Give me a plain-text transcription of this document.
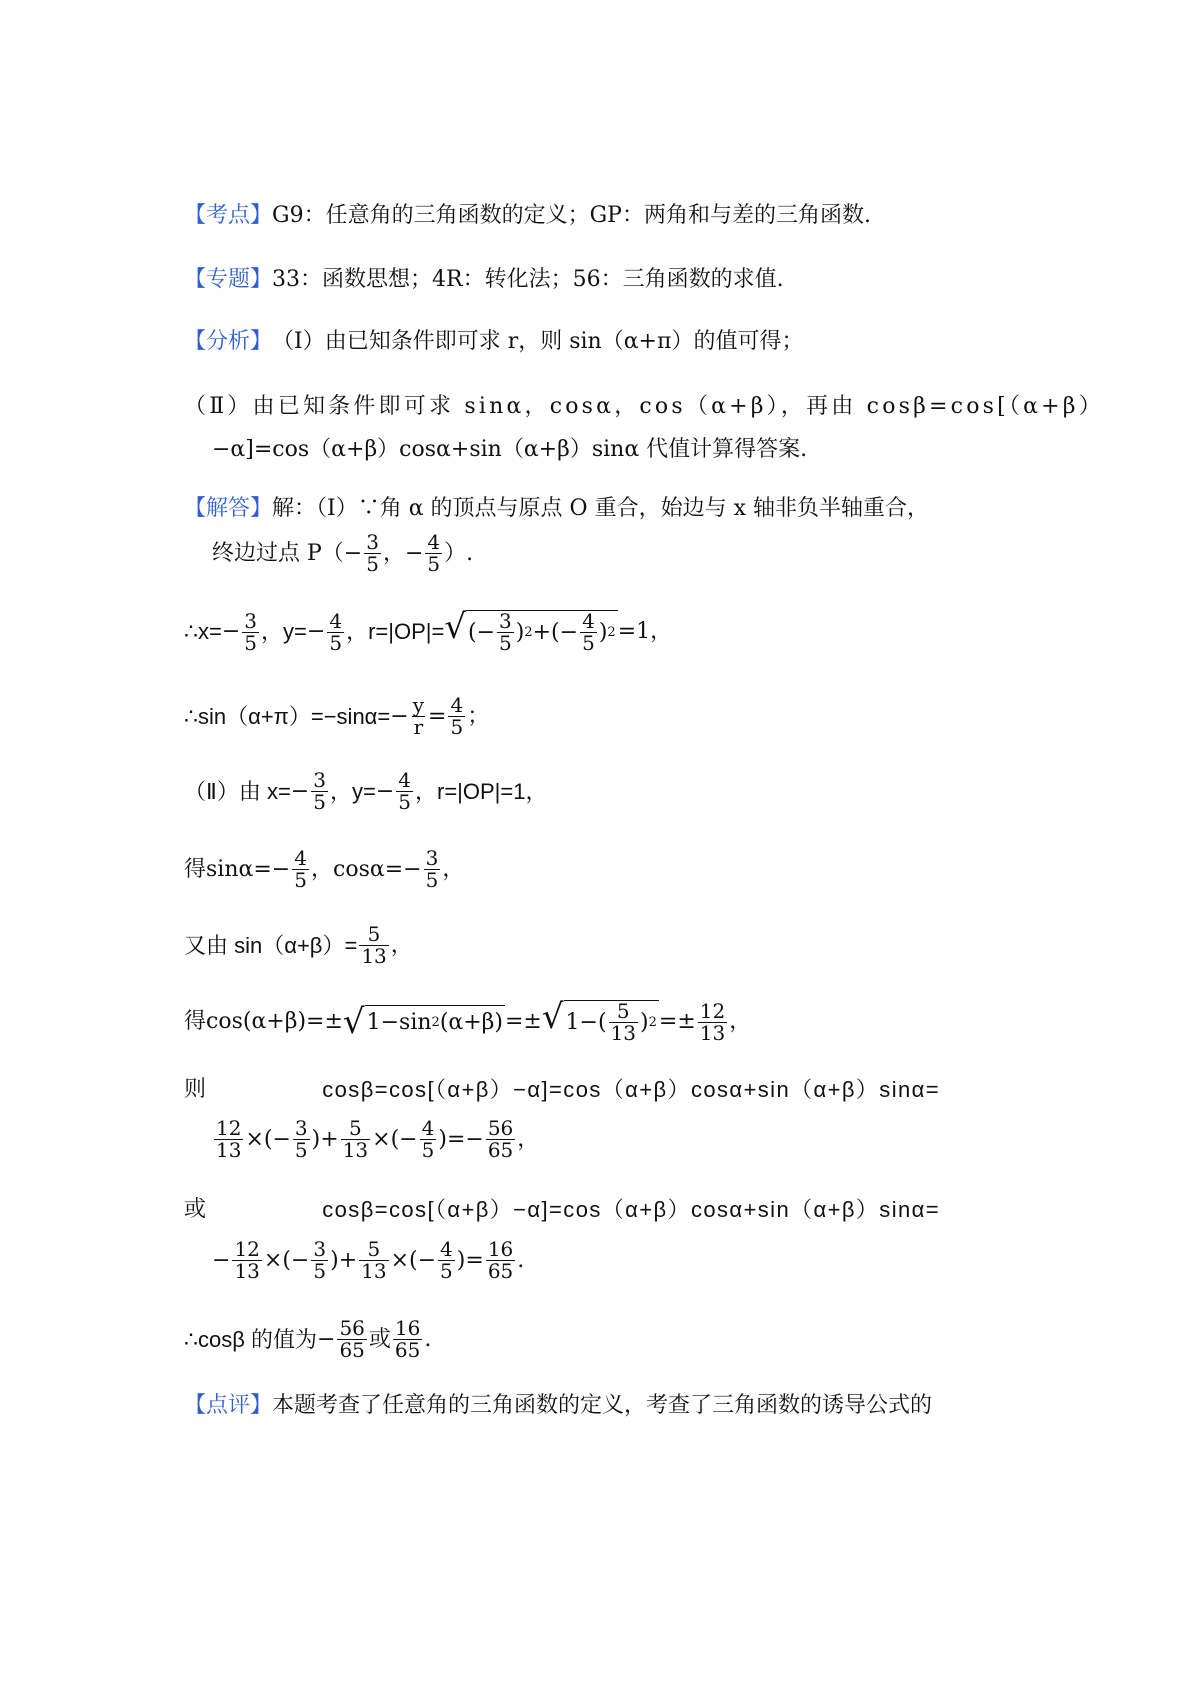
【考点】 G9：任意角的三角函数的定义；GP：两角和与差的三角函数.
【专题】 33：函数思想；4R：转化法；56：三角函数的求值.
【分析】 （Ⅰ）由已知条件即可求 r，则 sin（α+π）的值可得；
（Ⅱ）由已知条件即可求 sinα，cosα，cos（α+β），再由 cosβ=cos[（α+β）
−α]=cos（α+β）cosα+sin（α+β）sinα 代值计算得答案.
【解答】 解：（Ⅰ）∵角 α 的顶点与原点 O 重合，始边与 x 轴非负半轴重合，
终边过点 $P( - \frac{3}{5}$ ， − $\frac{4}{5}$ ）.
∴x= − $\frac{3}{5}$ ，$y= - \frac{4}{5}$ ，r=|OP|= √ (− $\frac{3}{5}$ ) 2 +(− $\frac{4}{5}$ ) 2 =1，
∴sin（α+π）=−sinα= − $\frac{y}{r} = \frac{4}{5}$ ；
（Ⅱ）由 $x= - \frac{3}{5}$ ，$y= - \frac{4}{5}$ ，r=|OP|=1，
得 $\sin\alpha =- \frac{4}{5}$ ， $\cos\alpha =- \frac{3}{5}$ ，
又由 $\sin(\alpha+\beta)= \frac{5}{13}$ ，
得 cos(α+β)=± √ 1−sin 2 (α+β) =± √ $1-( \frac{5}{13}$ ) $2 =\pm \frac{12}{13}$ ，
则	cosβ=cos[（α+β）−α]=cos（α+β）cosα+sin（α+β）sinα=
$\frac{12}{13}$ × (− $\frac{3}{5}$ ) + $\frac{5}{13}$ × (− $\frac{4}{5}$ ) =− $\frac{56}{65}$ ，
或	cosβ=cos[（α+β）−α]=cos（α+β）cosα+sin（α+β）sinα=
− $\frac{12}{13}$ × (− $\frac{3}{5}$ ) + $\frac{5}{13}$ × (− $\frac{4}{5}$ ) = $\frac{16}{65}$ .
∴cosβ 的值为 − $\frac{56}{65}$ 或 $\frac{16}{65}$ .
【点评】 本题考查了任意角的三角函数的定义，考查了三角函数的诱导公式的
